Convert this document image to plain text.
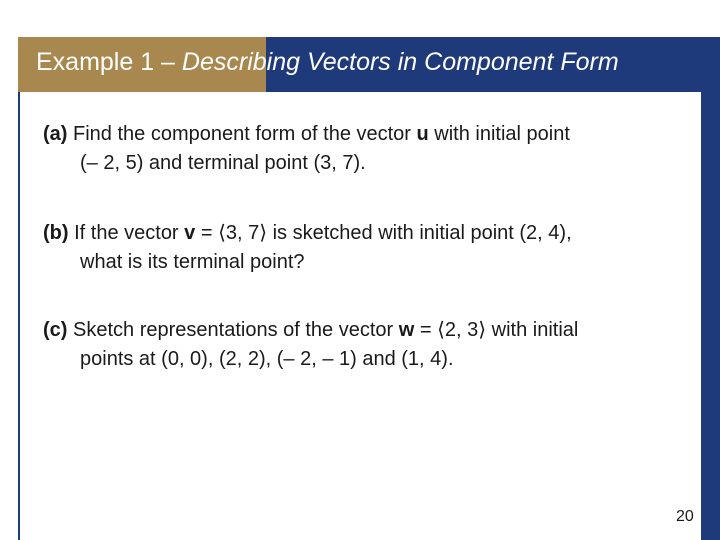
Example 1 – Describing Vectors in Component Form
(a) Find the component form of the vector u with initial point
(– 2, 5) and terminal point (3, 7).
(b) If the vector v = ⟨3, 7⟩ is sketched with initial point (2, 4),
what is its terminal point?
(c) Sketch representations of the vector w = ⟨2, 3⟩ with initial
points at (0, 0), (2, 2), (– 2, – 1) and (1, 4).
20
